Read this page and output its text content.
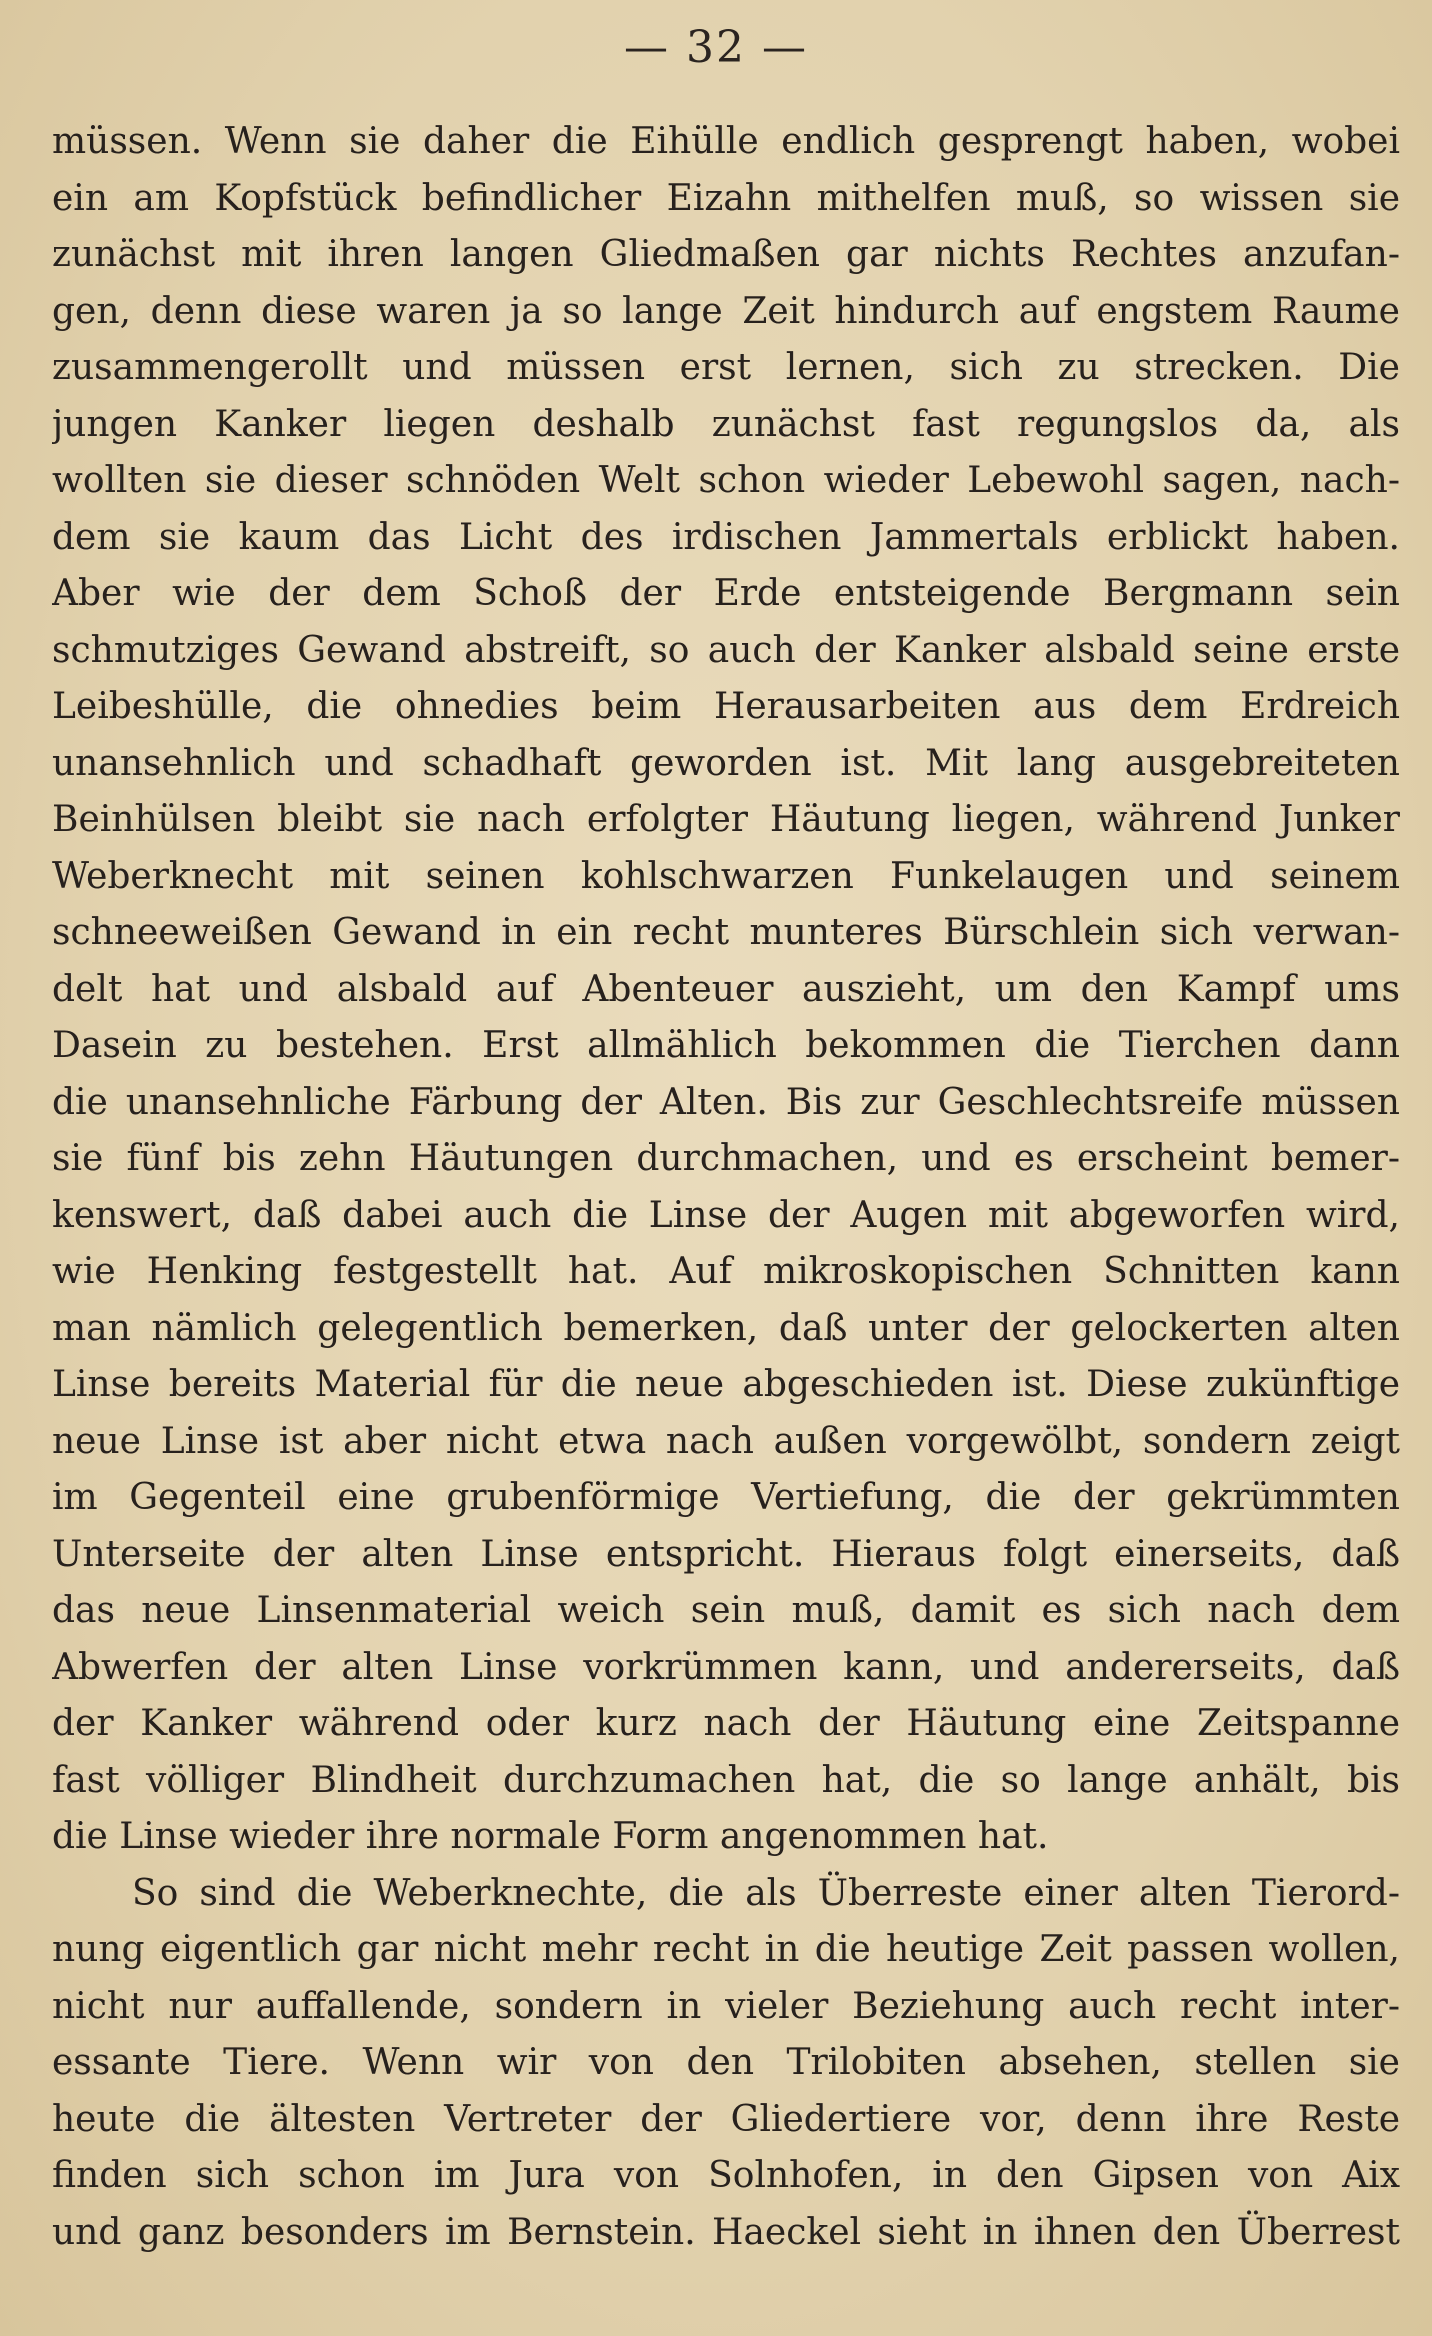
— 32 —
müssen. Wenn sie daher die Eihülle endlich gesprengt haben, wobei
ein am Kopfstück befindlicher Eizahn mithelfen muß, so wissen sie
zunächst mit ihren langen Gliedmaßen gar nichts Rechtes anzufan-
gen, denn diese waren ja so lange Zeit hindurch auf engstem Raume
zusammengerollt und müssen erst lernen, sich zu strecken. Die
jungen Kanker liegen deshalb zunächst fast regungslos da, als
wollten sie dieser schnöden Welt schon wieder Lebewohl sagen, nach-
dem sie kaum das Licht des irdischen Jammertals erblickt haben.
Aber wie der dem Schoß der Erde entsteigende Bergmann sein
schmutziges Gewand abstreift, so auch der Kanker alsbald seine erste
Leibeshülle, die ohnedies beim Herausarbeiten aus dem Erdreich
unansehnlich und schadhaft geworden ist. Mit lang ausgebreiteten
Beinhülsen bleibt sie nach erfolgter Häutung liegen, während Junker
Weberknecht mit seinen kohlschwarzen Funkelaugen und seinem
schneeweißen Gewand in ein recht munteres Bürschlein sich verwan-
delt hat und alsbald auf Abenteuer auszieht, um den Kampf ums
Dasein zu bestehen. Erst allmählich bekommen die Tierchen dann
die unansehnliche Färbung der Alten. Bis zur Geschlechtsreife müssen
sie fünf bis zehn Häutungen durchmachen, und es erscheint bemer-
kenswert, daß dabei auch die Linse der Augen mit abgeworfen wird,
wie Henking festgestellt hat. Auf mikroskopischen Schnitten kann
man nämlich gelegentlich bemerken, daß unter der gelockerten alten
Linse bereits Material für die neue abgeschieden ist. Diese zukünftige
neue Linse ist aber nicht etwa nach außen vorgewölbt, sondern zeigt
im Gegenteil eine grubenförmige Vertiefung, die der gekrümmten
Unterseite der alten Linse entspricht. Hieraus folgt einerseits, daß
das neue Linsenmaterial weich sein muß, damit es sich nach dem
Abwerfen der alten Linse vorkrümmen kann, und andererseits, daß
der Kanker während oder kurz nach der Häutung eine Zeitspanne
fast völliger Blindheit durchzumachen hat, die so lange anhält, bis
die Linse wieder ihre normale Form angenommen hat.
So sind die Weberknechte, die als Überreste einer alten Tierord-
nung eigentlich gar nicht mehr recht in die heutige Zeit passen wollen,
nicht nur auffallende, sondern in vieler Beziehung auch recht inter-
essante Tiere. Wenn wir von den Trilobiten absehen, stellen sie
heute die ältesten Vertreter der Gliedertiere vor, denn ihre Reste
finden sich schon im Jura von Solnhofen, in den Gipsen von Aix
und ganz besonders im Bernstein. Haeckel sieht in ihnen den Überrest
